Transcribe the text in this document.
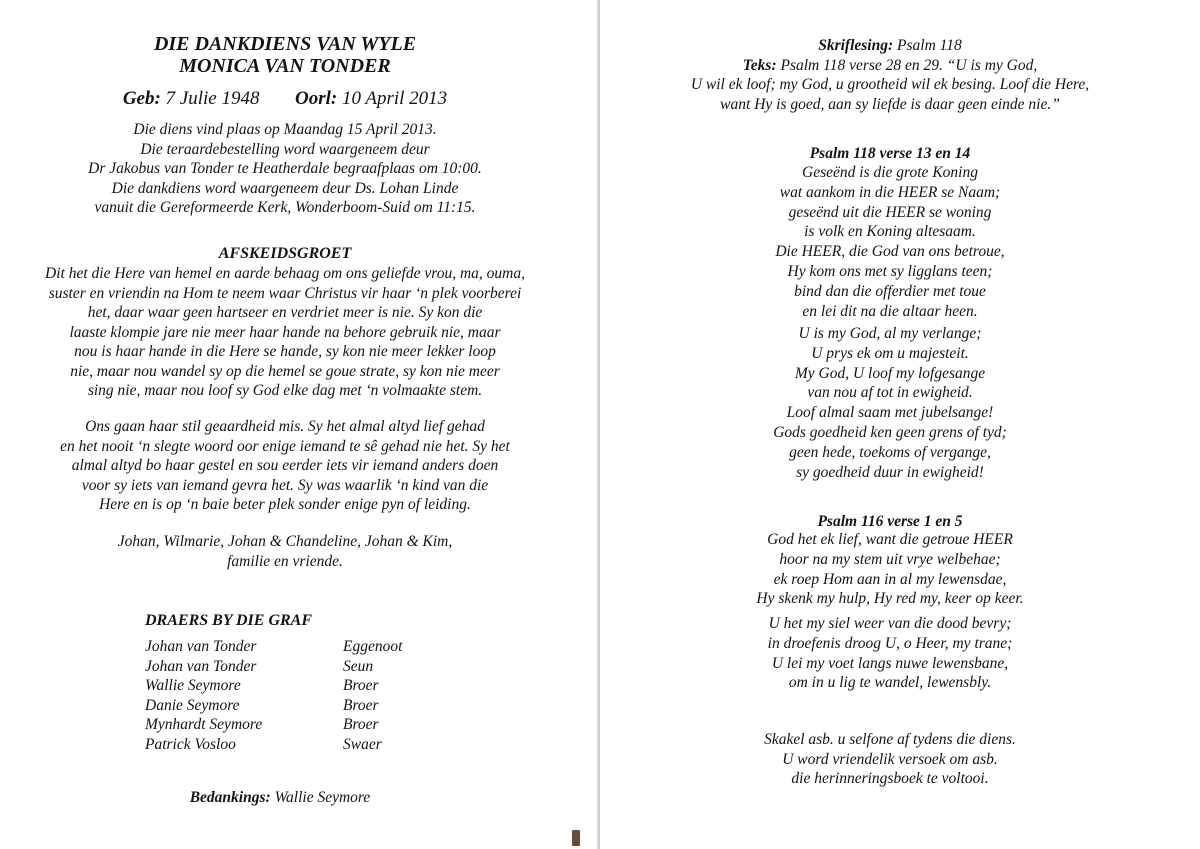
DIE DANKDIENS VAN WYLE
MONICA VAN TONDER
Geb: 7 Julie 1948 Oorl: 10 April 2013
Die diens vind plaas op Maandag 15 April 2013.
Die teraardebestelling word waargeneem deur
Dr Jakobus van Tonder te Heatherdale begraafplaas om 10:00.
Die dankdiens word waargeneem deur Ds. Lohan Linde
vanuit die Gereformeerde Kerk, Wonderboom-Suid om 11:15.
AFSKEIDSGROET
Dit het die Here van hemel en aarde behaag om ons geliefde vrou, ma, ouma,
suster en vriendin na Hom te neem waar Christus vir haar ‘n plek voorberei
het, daar waar geen hartseer en verdriet meer is nie. Sy kon die
laaste klompie jare nie meer haar hande na behore gebruik nie, maar
nou is haar hande in die Here se hande, sy kon nie meer lekker loop
nie, maar nou wandel sy op die hemel se goue strate, sy kon nie meer
sing nie, maar nou loof sy God elke dag met ‘n volmaakte stem.
Ons gaan haar stil geaardheid mis. Sy het almal altyd lief gehad
en het nooit ‘n slegte woord oor enige iemand te sê gehad nie het. Sy het
almal altyd bo haar gestel en sou eerder iets vir iemand anders doen
voor sy iets van iemand gevra het. Sy was waarlik ‘n kind van die
Here en is op ‘n baie beter plek sonder enige pyn of leiding.
Johan, Wilmarie, Johan & Chandeline, Johan & Kim,
familie en vriende.
DRAERS BY DIE GRAF
Johan van Tonder	Eggenoot
Johan van Tonder	Seun
Wallie Seymore	Broer
Danie Seymore	Broer
Mynhardt Seymore	Broer
Patrick Vosloo	Swaer
Bedankings: Wallie Seymore
Skriflesing: Psalm 118
Teks: Psalm 118 verse 28 en 29. “U is my God,
U wil ek loof; my God, u grootheid wil ek besing. Loof die Here,
want Hy is goed, aan sy liefde is daar geen einde nie.”
Psalm 118 verse 13 en 14
Geseënd is die grote Koning
wat aankom in die HEER se Naam;
geseënd uit die HEER se woning
is volk en Koning altesaam.
Die HEER, die God van ons betroue,
Hy kom ons met sy ligglans teen;
bind dan die offerdier met toue
en lei dit na die altaar heen.
U is my God, al my verlange;
U prys ek om u majesteit.
My God, U loof my lofgesange
van nou af tot in ewigheid.
Loof almal saam met jubelsange!
Gods goedheid ken geen grens of tyd;
geen hede, toekoms of vergange,
sy goedheid duur in ewigheid!
Psalm 116 verse 1 en 5
God het ek lief, want die getroue HEER
hoor na my stem uit vrye welbehae;
ek roep Hom aan in al my lewensdae,
Hy skenk my hulp, Hy red my, keer op keer.
U het my siel weer van die dood bevry;
in droefenis droog U, o Heer, my trane;
U lei my voet langs nuwe lewensbane,
om in u lig te wandel, lewensbly.
Skakel asb. u selfone af tydens die diens.
U word vriendelik versoek om asb.
die herinneringsboek te voltooi.
